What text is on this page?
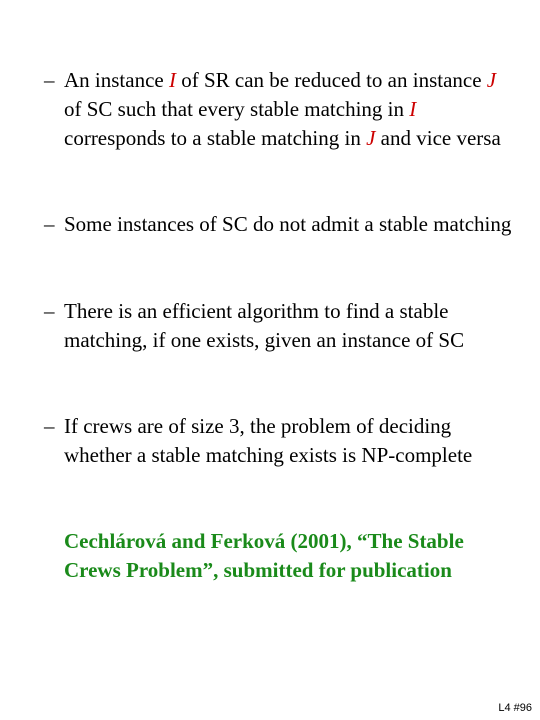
– An instance I of SR can be reduced to an instance J of SC such that every stable matching in I corresponds to a stable matching in J and vice versa
– Some instances of SC do not admit a stable matching
– There is an efficient algorithm to find a stable matching, if one exists, given an instance of SC
– If crews are of size 3, the problem of deciding whether a stable matching exists is NP-complete
Cechlárová and Ferková (2001), “The Stable Crews Problem”, submitted for publication
L4 #96
